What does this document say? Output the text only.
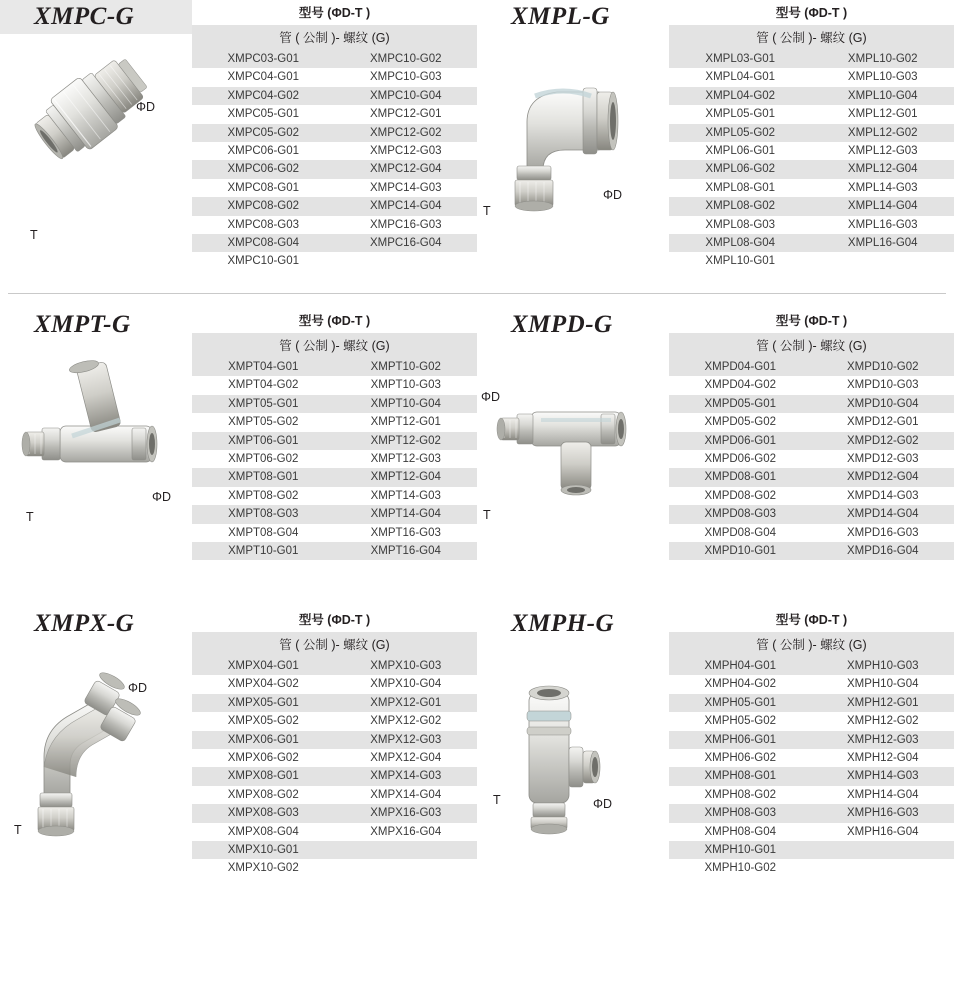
XMPC-G
ΦD
T
型号 (ΦD-T )
管 ( 公制 )- 螺纹 (G)
XMPC03-G01	XMPC10-G02
XMPC04-G01	XMPC10-G03
XMPC04-G02	XMPC10-G04
XMPC05-G01	XMPC12-G01
XMPC05-G02	XMPC12-G02
XMPC06-G01	XMPC12-G03
XMPC06-G02	XMPC12-G04
XMPC08-G01	XMPC14-G03
XMPC08-G02	XMPC14-G04
XMPC08-G03	XMPC16-G03
XMPC08-G04	XMPC16-G04
XMPC10-G01	
XMPL-G
ΦD
T
型号 (ΦD-T )
管 ( 公制 )- 螺纹 (G)
XMPL03-G01	XMPL10-G02
XMPL04-G01	XMPL10-G03
XMPL04-G02	XMPL10-G04
XMPL05-G01	XMPL12-G01
XMPL05-G02	XMPL12-G02
XMPL06-G01	XMPL12-G03
XMPL06-G02	XMPL12-G04
XMPL08-G01	XMPL14-G03
XMPL08-G02	XMPL14-G04
XMPL08-G03	XMPL16-G03
XMPL08-G04	XMPL16-G04
XMPL10-G01	
XMPT-G
ΦD
T
型号 (ΦD-T )
管 ( 公制 )- 螺纹 (G)
XMPT04-G01	XMPT10-G02
XMPT04-G02	XMPT10-G03
XMPT05-G01	XMPT10-G04
XMPT05-G02	XMPT12-G01
XMPT06-G01	XMPT12-G02
XMPT06-G02	XMPT12-G03
XMPT08-G01	XMPT12-G04
XMPT08-G02	XMPT14-G03
XMPT08-G03	XMPT14-G04
XMPT08-G04	XMPT16-G03
XMPT10-G01	XMPT16-G04
XMPD-G
ΦD
T
型号 (ΦD-T )
管 ( 公制 )- 螺纹 (G)
XMPD04-G01	XMPD10-G02
XMPD04-G02	XMPD10-G03
XMPD05-G01	XMPD10-G04
XMPD05-G02	XMPD12-G01
XMPD06-G01	XMPD12-G02
XMPD06-G02	XMPD12-G03
XMPD08-G01	XMPD12-G04
XMPD08-G02	XMPD14-G03
XMPD08-G03	XMPD14-G04
XMPD08-G04	XMPD16-G03
XMPD10-G01	XMPD16-G04
XMPX-G
ΦD
T
型号 (ΦD-T )
管 ( 公制 )- 螺纹 (G)
XMPX04-G01	XMPX10-G03
XMPX04-G02	XMPX10-G04
XMPX05-G01	XMPX12-G01
XMPX05-G02	XMPX12-G02
XMPX06-G01	XMPX12-G03
XMPX06-G02	XMPX12-G04
XMPX08-G01	XMPX14-G03
XMPX08-G02	XMPX14-G04
XMPX08-G03	XMPX16-G03
XMPX08-G04	XMPX16-G04
XMPX10-G01	
XMPX10-G02	
XMPH-G
ΦD
T
型号 (ΦD-T )
管 ( 公制 )- 螺纹 (G)
XMPH04-G01	XMPH10-G03
XMPH04-G02	XMPH10-G04
XMPH05-G01	XMPH12-G01
XMPH05-G02	XMPH12-G02
XMPH06-G01	XMPH12-G03
XMPH06-G02	XMPH12-G04
XMPH08-G01	XMPH14-G03
XMPH08-G02	XMPH14-G04
XMPH08-G03	XMPH16-G03
XMPH08-G04	XMPH16-G04
XMPH10-G01	
XMPH10-G02	
